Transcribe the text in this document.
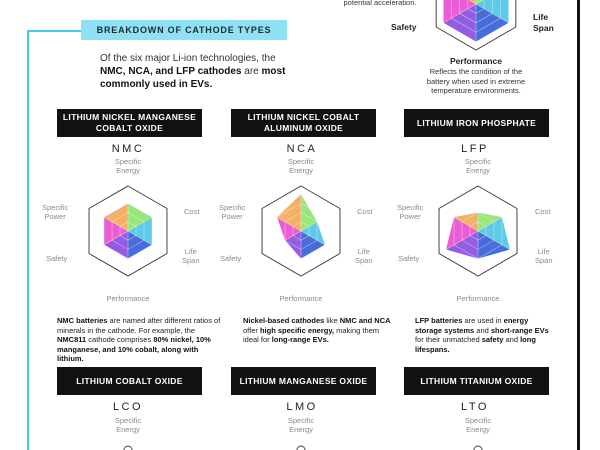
BREAKDOWN OF CATHODE TYPES
Of the six major Li-ion technologies, the NMC, NCA, and LFP cathodes are most commonly used in EVs.
potential acceleration.
Safety
Life
Span
Performance
Reflects the condition of the battery when used in extreme temperature environments.
LITHIUM NICKEL MANGANESE COBALT OXIDE
LITHIUM NICKEL COBALT ALUMINUM OXIDE
LITHIUM IRON PHOSPHATE
NMC	NCA	LFP
Specific
Energy
Cost
Life
Span
Performance
Safety
Specific
Power
Specific
Energy
Cost
Life
Span
Performance
Safety
Specific
Power
Specific
Energy
Cost
Life
Span
Performance
Safety
Specific
Power
NMC batteries are named after different ratios of minerals in the cathode. For example, the NMC811 cathode comprises 80% nickel, 10% manganese, and 10% cobalt, along with lithium.
Nickel-based cathodes like NMC and NCA offer high specific energy, making them ideal for long-range EVs.
LFP batteries are used in energy storage systems and short-range EVs for their unmatched safety and long lifespans.
LITHIUM COBALT OXIDE	LITHIUM MANGANESE OXIDE	LITHIUM TITANIUM OXIDE
LCO	LMO	LTO
Specific
Energy
Specific
Energy
Specific
Energy
